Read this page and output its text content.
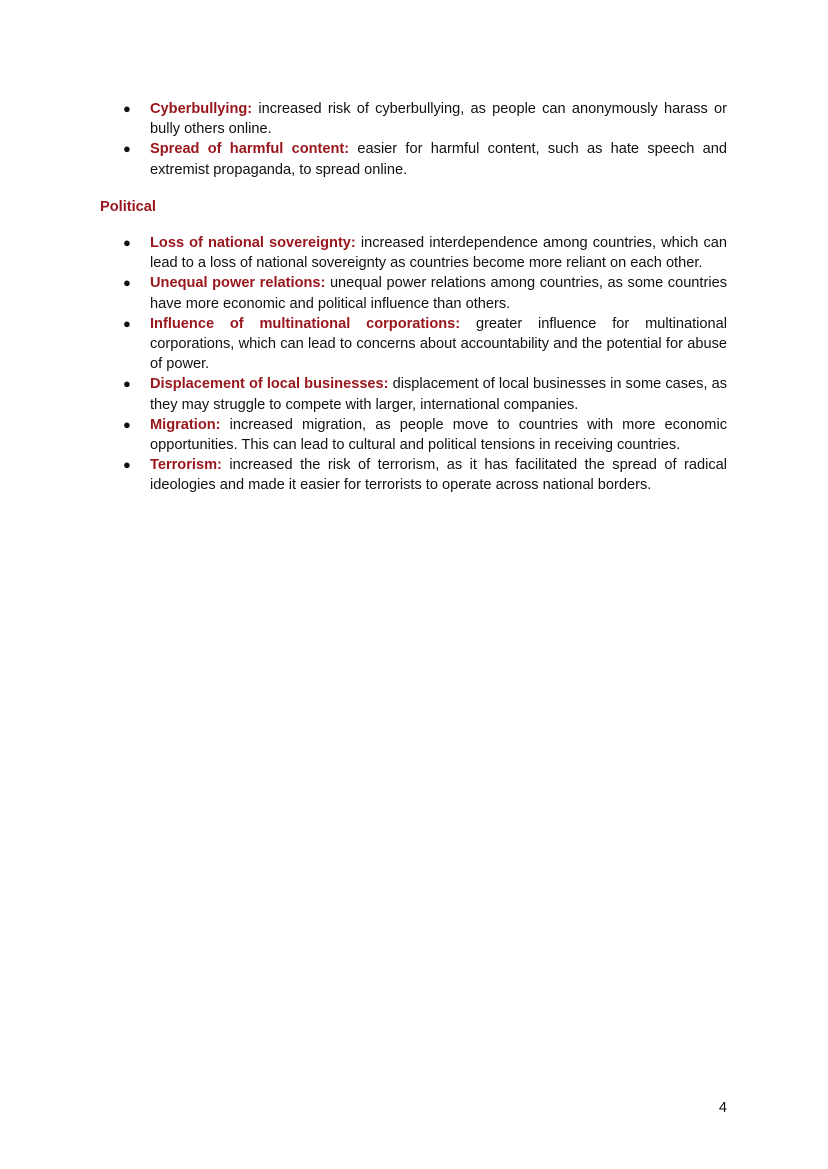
● Cyberbullying: increased risk of cyberbullying, as people can anonymously harass or bully others online.
● Spread of harmful content: easier for harmful content, such as hate speech and extremist propaganda, to spread online.
Political
● Loss of national sovereignty: increased interdependence among countries, which can lead to a loss of national sovereignty as countries become more reliant on each other.
● Unequal power relations: unequal power relations among countries, as some countries have more economic and political influence than others.
● Influence of multinational corporations: greater influence for multinational corporations, which can lead to concerns about accountability and the potential for abuse of power.
● Displacement of local businesses: displacement of local businesses in some cases, as they may struggle to compete with larger, international companies.
● Migration: increased migration, as people move to countries with more economic opportunities. This can lead to cultural and political tensions in receiving countries.
● Terrorism: increased the risk of terrorism, as it has facilitated the spread of radical ideologies and made it easier for terrorists to operate across national borders.
4
